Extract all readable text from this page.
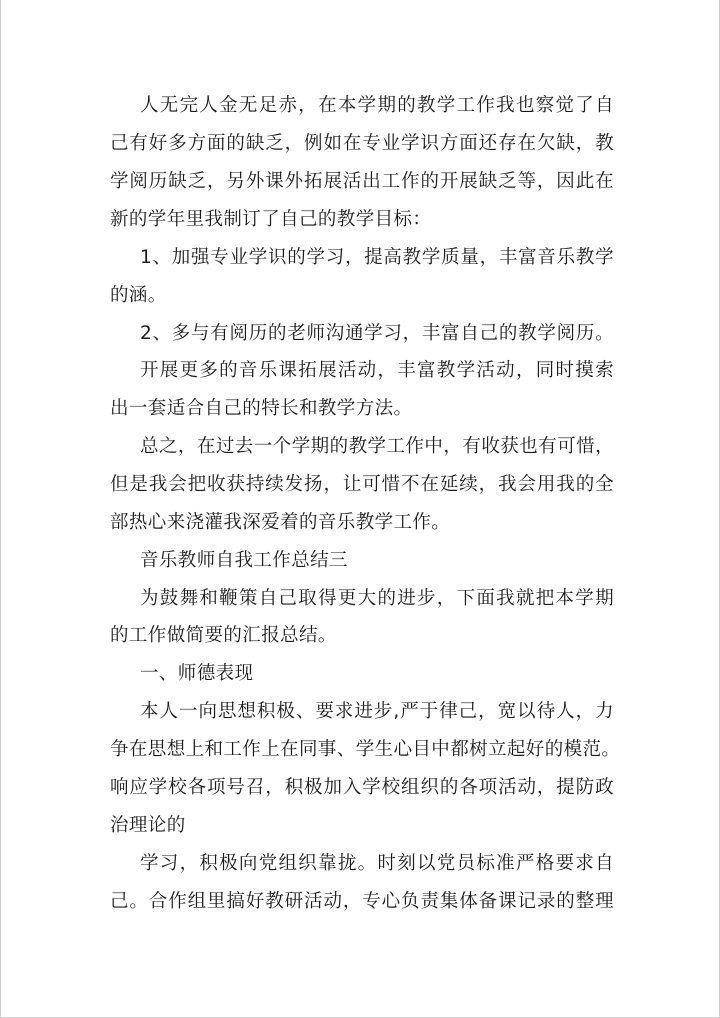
人无完人金无足赤，在本学期的教学工作我也察觉了自
己有好多方面的缺乏，例如在专业学识方面还存在欠缺，教
学阅历缺乏，另外课外拓展活出工作的开展缺乏等，因此在
新的学年里我制订了自己的教学目标：
1、加强专业学识的学习，提高教学质量，丰富音乐教学
的涵。
2、多与有阅历的老师沟通学习，丰富自己的教学阅历。
开展更多的音乐课拓展活动，丰富教学活动，同时摸索
出一套适合自己的特长和教学方法。
总之，在过去一个学期的教学工作中，有收获也有可惜，
但是我会把收获持续发扬，让可惜不在延续，我会用我的全
部热心来浇灌我深爱着的音乐教学工作。
音乐教师自我工作总结三
为鼓舞和鞭策自己取得更大的进步，下面我就把本学期
的工作做简要的汇报总结。
一、师德表现
本人一向思想积极、要求进步,严于律己，宽以待人，力
争在思想上和工作上在同事、学生心目中都树立起好的模范。
响应学校各项号召，积极加入学校组织的各项活动，提防政
治理论的
学习，积极向党组织靠拢。时刻以党员标准严格要求自
己。合作组里搞好教研活动，专心负责集体备课记录的整理
